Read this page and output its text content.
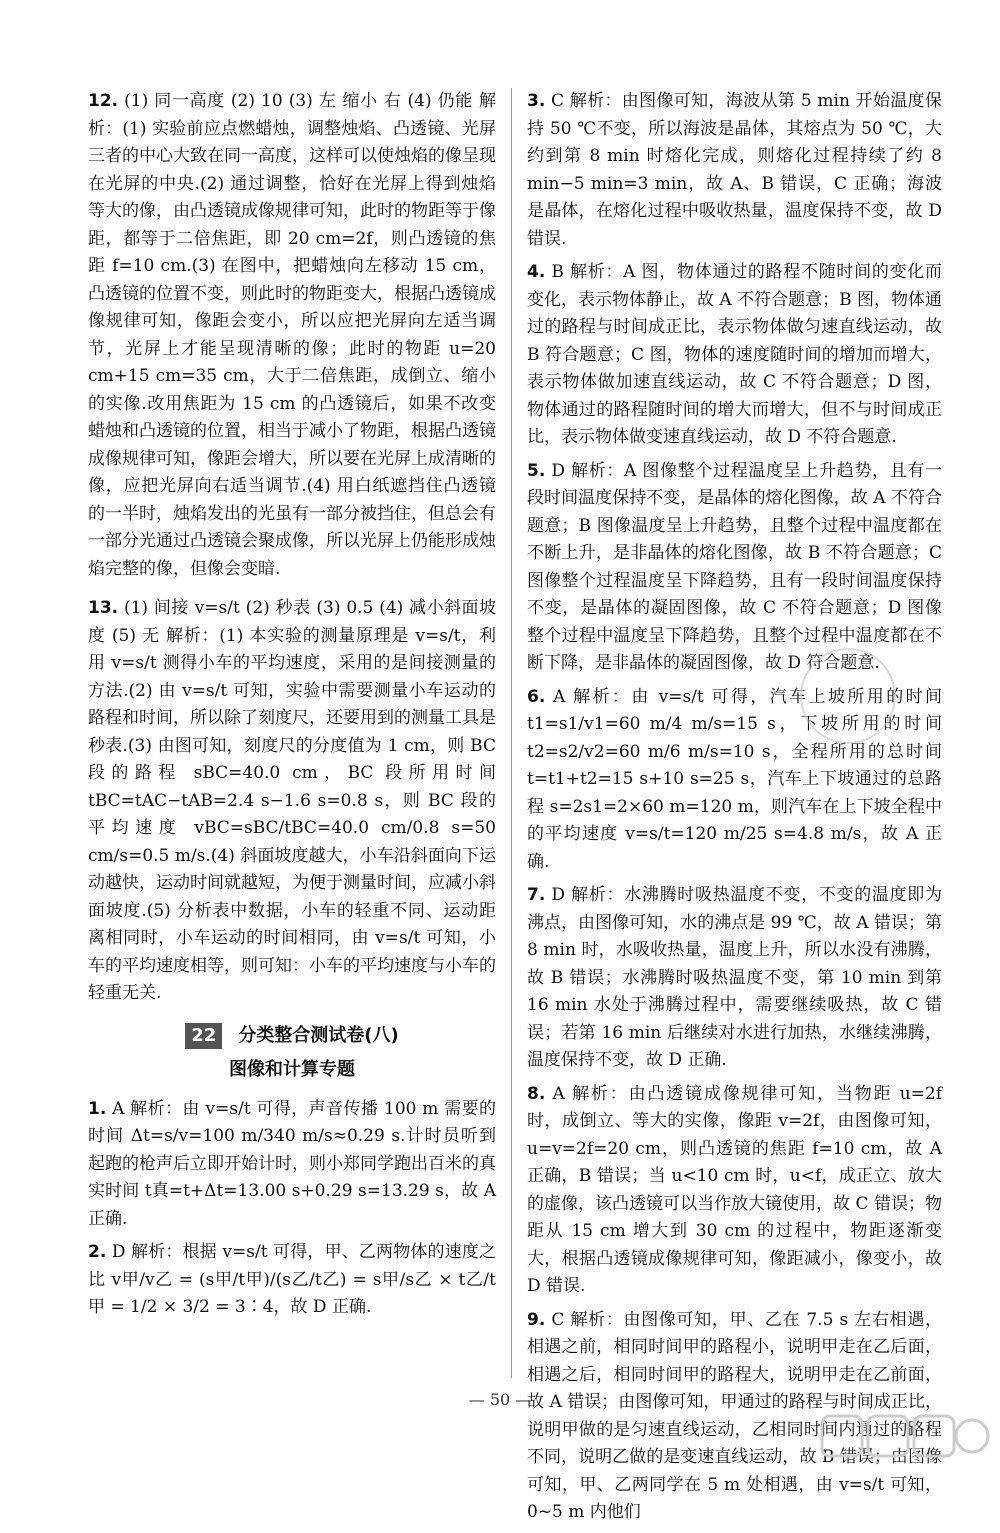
12. (1) 同一高度 (2) 10 (3) 左 缩小 右 (4) 仍能 解析：(1) 实验前应点燃蜡烛，调整烛焰、凸透镜、光屏三者的中心大致在同一高度，这样可以使烛焰的像呈现在光屏的中央.(2) 通过调整，恰好在光屏上得到烛焰等大的像，由凸透镜成像规律可知，此时的物距等于像距，都等于二倍焦距，即 20 cm=2f，则凸透镜的焦距 f=10 cm.(3) 在图中，把蜡烛向左移动 15 cm，凸透镜的位置不变，则此时的物距变大，根据凸透镜成像规律可知，像距会变小，所以应把光屏向左适当调节，光屏上才能呈现清晰的像；此时的物距 u=20 cm+15 cm=35 cm，大于二倍焦距，成倒立、缩小的实像.改用焦距为 15 cm 的凸透镜后，如果不改变蜡烛和凸透镜的位置，相当于减小了物距，根据凸透镜成像规律可知，像距会增大，所以要在光屏上成清晰的像，应把光屏向右适当调节.(4) 用白纸遮挡住凸透镜的一半时，烛焰发出的光虽有一部分被挡住，但总会有一部分光通过凸透镜会聚成像，所以光屏上仍能形成烛焰完整的像，但像会变暗.
13. (1) 间接 v=s/t (2) 秒表 (3) 0.5 (4) 减小斜面坡度 (5) 无 解析：(1) 本实验的测量原理是 v=s/t，利用 v=s/t 测得小车的平均速度，采用的是间接测量的方法.(2) 由 v=s/t 可知，实验中需要测量小车运动的路程和时间，所以除了刻度尺，还要用到的测量工具是秒表.(3) 由图可知，刻度尺的分度值为 1 cm，则 BC 段的路程 sBC=40.0 cm，BC 段所用时间 tBC=tAC−tAB=2.4 s−1.6 s=0.8 s，则 BC 段的平均速度 vBC=sBC/tBC=40.0 cm/0.8 s=50 cm/s=0.5 m/s.(4) 斜面坡度越大，小车沿斜面向下运动越快，运动时间就越短，为便于测量时间，应减小斜面坡度.(5) 分析表中数据，小车的轻重不同、运动距离相同时，小车运动的时间相同，由 v=s/t 可知，小车的平均速度相等，则可知：小车的平均速度与小车的轻重无关.
22 分类整合测试卷(八)
图像和计算专题
1. A 解析：由 v=s/t 可得，声音传播 100 m 需要的时间 Δt=s/v=100 m/340 m/s≈0.29 s.计时员听到起跑的枪声后立即开始计时，则小郑同学跑出百米的真实时间 t真=t+Δt=13.00 s+0.29 s=13.29 s，故 A 正确.
2. D 解析：根据 v=s/t 可得，甲、乙两物体的速度之比 v甲/v乙 = (s甲/t甲)/(s乙/t乙) = s甲/s乙 × t乙/t甲 = 1/2 × 3/2 = 3∶4，故 D 正确.
3. C 解析：由图像可知，海波从第 5 min 开始温度保持 50 ℃不变，所以海波是晶体，其熔点为 50 ℃，大约到第 8 min 时熔化完成，则熔化过程持续了约 8 min−5 min=3 min，故 A、B 错误，C 正确；海波是晶体，在熔化过程中吸收热量，温度保持不变，故 D 错误.
4. B 解析：A 图，物体通过的路程不随时间的变化而变化，表示物体静止，故 A 不符合题意；B 图，物体通过的路程与时间成正比，表示物体做匀速直线运动，故 B 符合题意；C 图，物体的速度随时间的增加而增大，表示物体做加速直线运动，故 C 不符合题意；D 图，物体通过的路程随时间的增大而增大，但不与时间成正比，表示物体做变速直线运动，故 D 不符合题意.
5. D 解析：A 图像整个过程温度呈上升趋势，且有一段时间温度保持不变，是晶体的熔化图像，故 A 不符合题意；B 图像温度呈上升趋势，且整个过程中温度都在不断上升，是非晶体的熔化图像，故 B 不符合题意；C 图像整个过程温度呈下降趋势，且有一段时间温度保持不变，是晶体的凝固图像，故 C 不符合题意；D 图像整个过程中温度呈下降趋势，且整个过程中温度都在不断下降，是非晶体的凝固图像，故 D 符合题意.
6. A 解析：由 v=s/t 可得，汽车上坡所用的时间 t1=s1/v1=60 m/4 m/s=15 s，下坡所用的时间 t2=s2/v2=60 m/6 m/s=10 s，全程所用的总时间 t=t1+t2=15 s+10 s=25 s，汽车上下坡通过的总路程 s=2s1=2×60 m=120 m，则汽车在上下坡全程中的平均速度 v=s/t=120 m/25 s=4.8 m/s，故 A 正确.
7. D 解析：水沸腾时吸热温度不变，不变的温度即为沸点，由图像可知，水的沸点是 99 ℃，故 A 错误；第 8 min 时，水吸收热量，温度上升，所以水没有沸腾，故 B 错误；水沸腾时吸热温度不变，第 10 min 到第 16 min 水处于沸腾过程中，需要继续吸热，故 C 错误；若第 16 min 后继续对水进行加热，水继续沸腾，温度保持不变，故 D 正确.
8. A 解析：由凸透镜成像规律可知，当物距 u=2f 时，成倒立、等大的实像，像距 v=2f，由图像可知，u=v=2f=20 cm，则凸透镜的焦距 f=10 cm，故 A 正确，B 错误；当 u<10 cm 时，u<f，成正立、放大的虚像，该凸透镜可以当作放大镜使用，故 C 错误；物距从 15 cm 增大到 30 cm 的过程中，物距逐渐变大，根据凸透镜成像规律可知，像距减小，像变小，故 D 错误.
9. C 解析：由图像可知，甲、乙在 7.5 s 左右相遇，相遇之前，相同时间甲的路程小，说明甲走在乙后面，相遇之后，相同时间甲的路程大，说明甲走在乙前面，故 A 错误；由图像可知，甲通过的路程与时间成正比，说明甲做的是匀速直线运动，乙相同时间内通过的路程不同，说明乙做的是变速直线运动，故 B 错误；由图像可知，甲、乙两同学在 5 m 处相遇，由 v=s/t 可知，0~5 m 内他们
— 50 —
